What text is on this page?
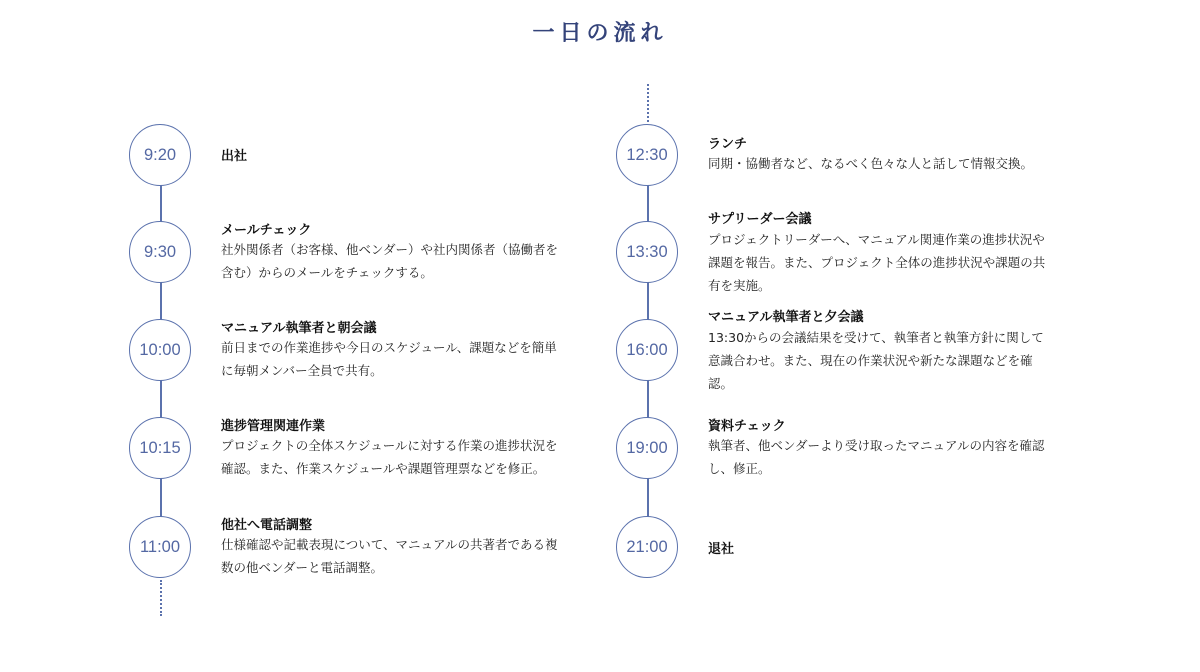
一日の流れ
9:20	出社
9:30
メールチェック
社外関係者（お客様、他ベンダー）や社内関係者（協働者を含む）からのメールをチェックする。
10:00
マニュアル執筆者と朝会議
前日までの作業進捗や今日のスケジュール、課題などを簡単に毎朝メンバー全員で共有。
10:15
進捗管理関連作業
プロジェクトの全体スケジュールに対する作業の進捗状況を確認。また、作業スケジュールや課題管理票などを修正。
11:00
他社へ電話調整
仕様確認や記載表現について、マニュアルの共著者である複数の他ベンダーと電話調整。
12:30
ランチ
同期・協働者など、なるべく色々な人と話して情報交換。
13:30
サプリーダー会議
プロジェクトリーダーへ、マニュアル関連作業の進捗状況や課題を報告。また、プロジェクト全体の進捗状況や課題の共有を実施。
16:00
マニュアル執筆者と夕会議
13:30からの会議結果を受けて、執筆者と執筆方針に関して意識合わせ。また、現在の作業状況や新たな課題などを確認。
19:00
資料チェック
執筆者、他ベンダーより受け取ったマニュアルの内容を確認し、修正。
21:00	退社
